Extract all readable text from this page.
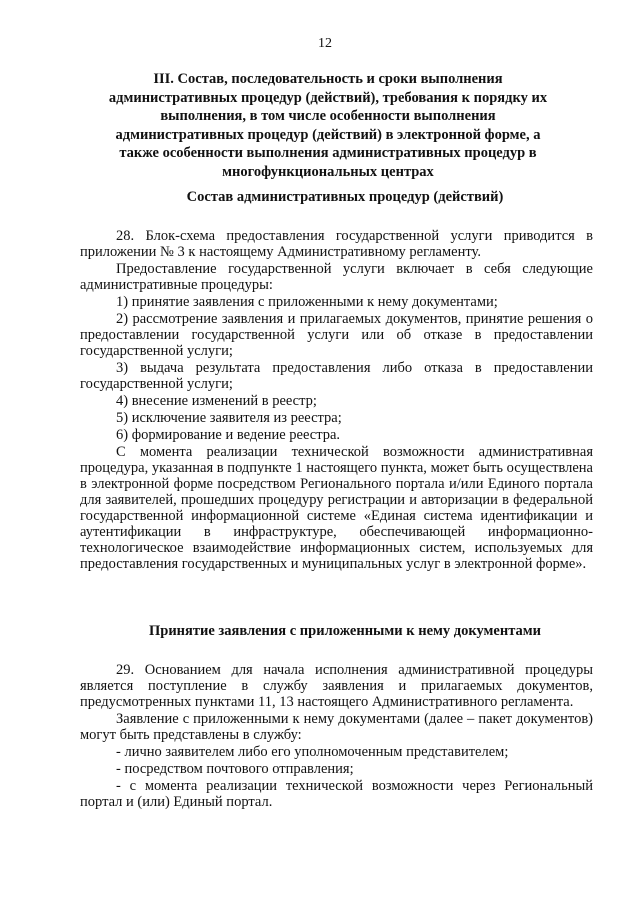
12
III. Состав, последовательность и сроки выполнения административных процедур (действий), требования к порядку их выполнения, в том числе особенности выполнения административных процедур (действий) в электронной форме, а также особенности выполнения административных процедур в многофункциональных центрах
Состав административных процедур (действий)

28. Блок-схема предоставления государственной услуги приводится в приложении № 3 к настоящему Административному регламенту.

Предоставление государственной услуги включает в себя следующие административные процедуры:

1) принятие заявления с приложенными к нему документами;

2) рассмотрение заявления и прилагаемых документов, принятие решения о предоставлении государственной услуги или об отказе в предоставлении государственной услуги;

3) выдача результата предоставления либо отказа в предоставлении государственной услуги;

4) внесение изменений в реестр;

5) исключение заявителя из реестра;

6) формирование и ведение реестра.

С момента реализации технической возможности административная процедура, указанная в подпункте 1 настоящего пункта, может быть осуществлена в электронной форме посредством Регионального портала и/или Единого портала для заявителей, прошедших процедуру регистрации и авторизации в федеральной государственной информационной системе «Единая система идентификации и аутентификации в инфраструктуре, обеспечивающей информационно-технологическое взаимодействие информационных систем, используемых для предоставления государственных и муниципальных услуг в электронной форме».

Принятие заявления с приложенными к нему документами

29. Основанием для начала исполнения административной процедуры является поступление в службу заявления и прилагаемых документов, предусмотренных пунктами 11, 13 настоящего Административного регламента.

Заявление с приложенными к нему документами (далее – пакет документов) могут быть представлены в службу:

- лично заявителем либо его уполномоченным представителем;

- посредством почтового отправления;

- с момента реализации технической возможности через Региональный портал и (или) Единый портал.
